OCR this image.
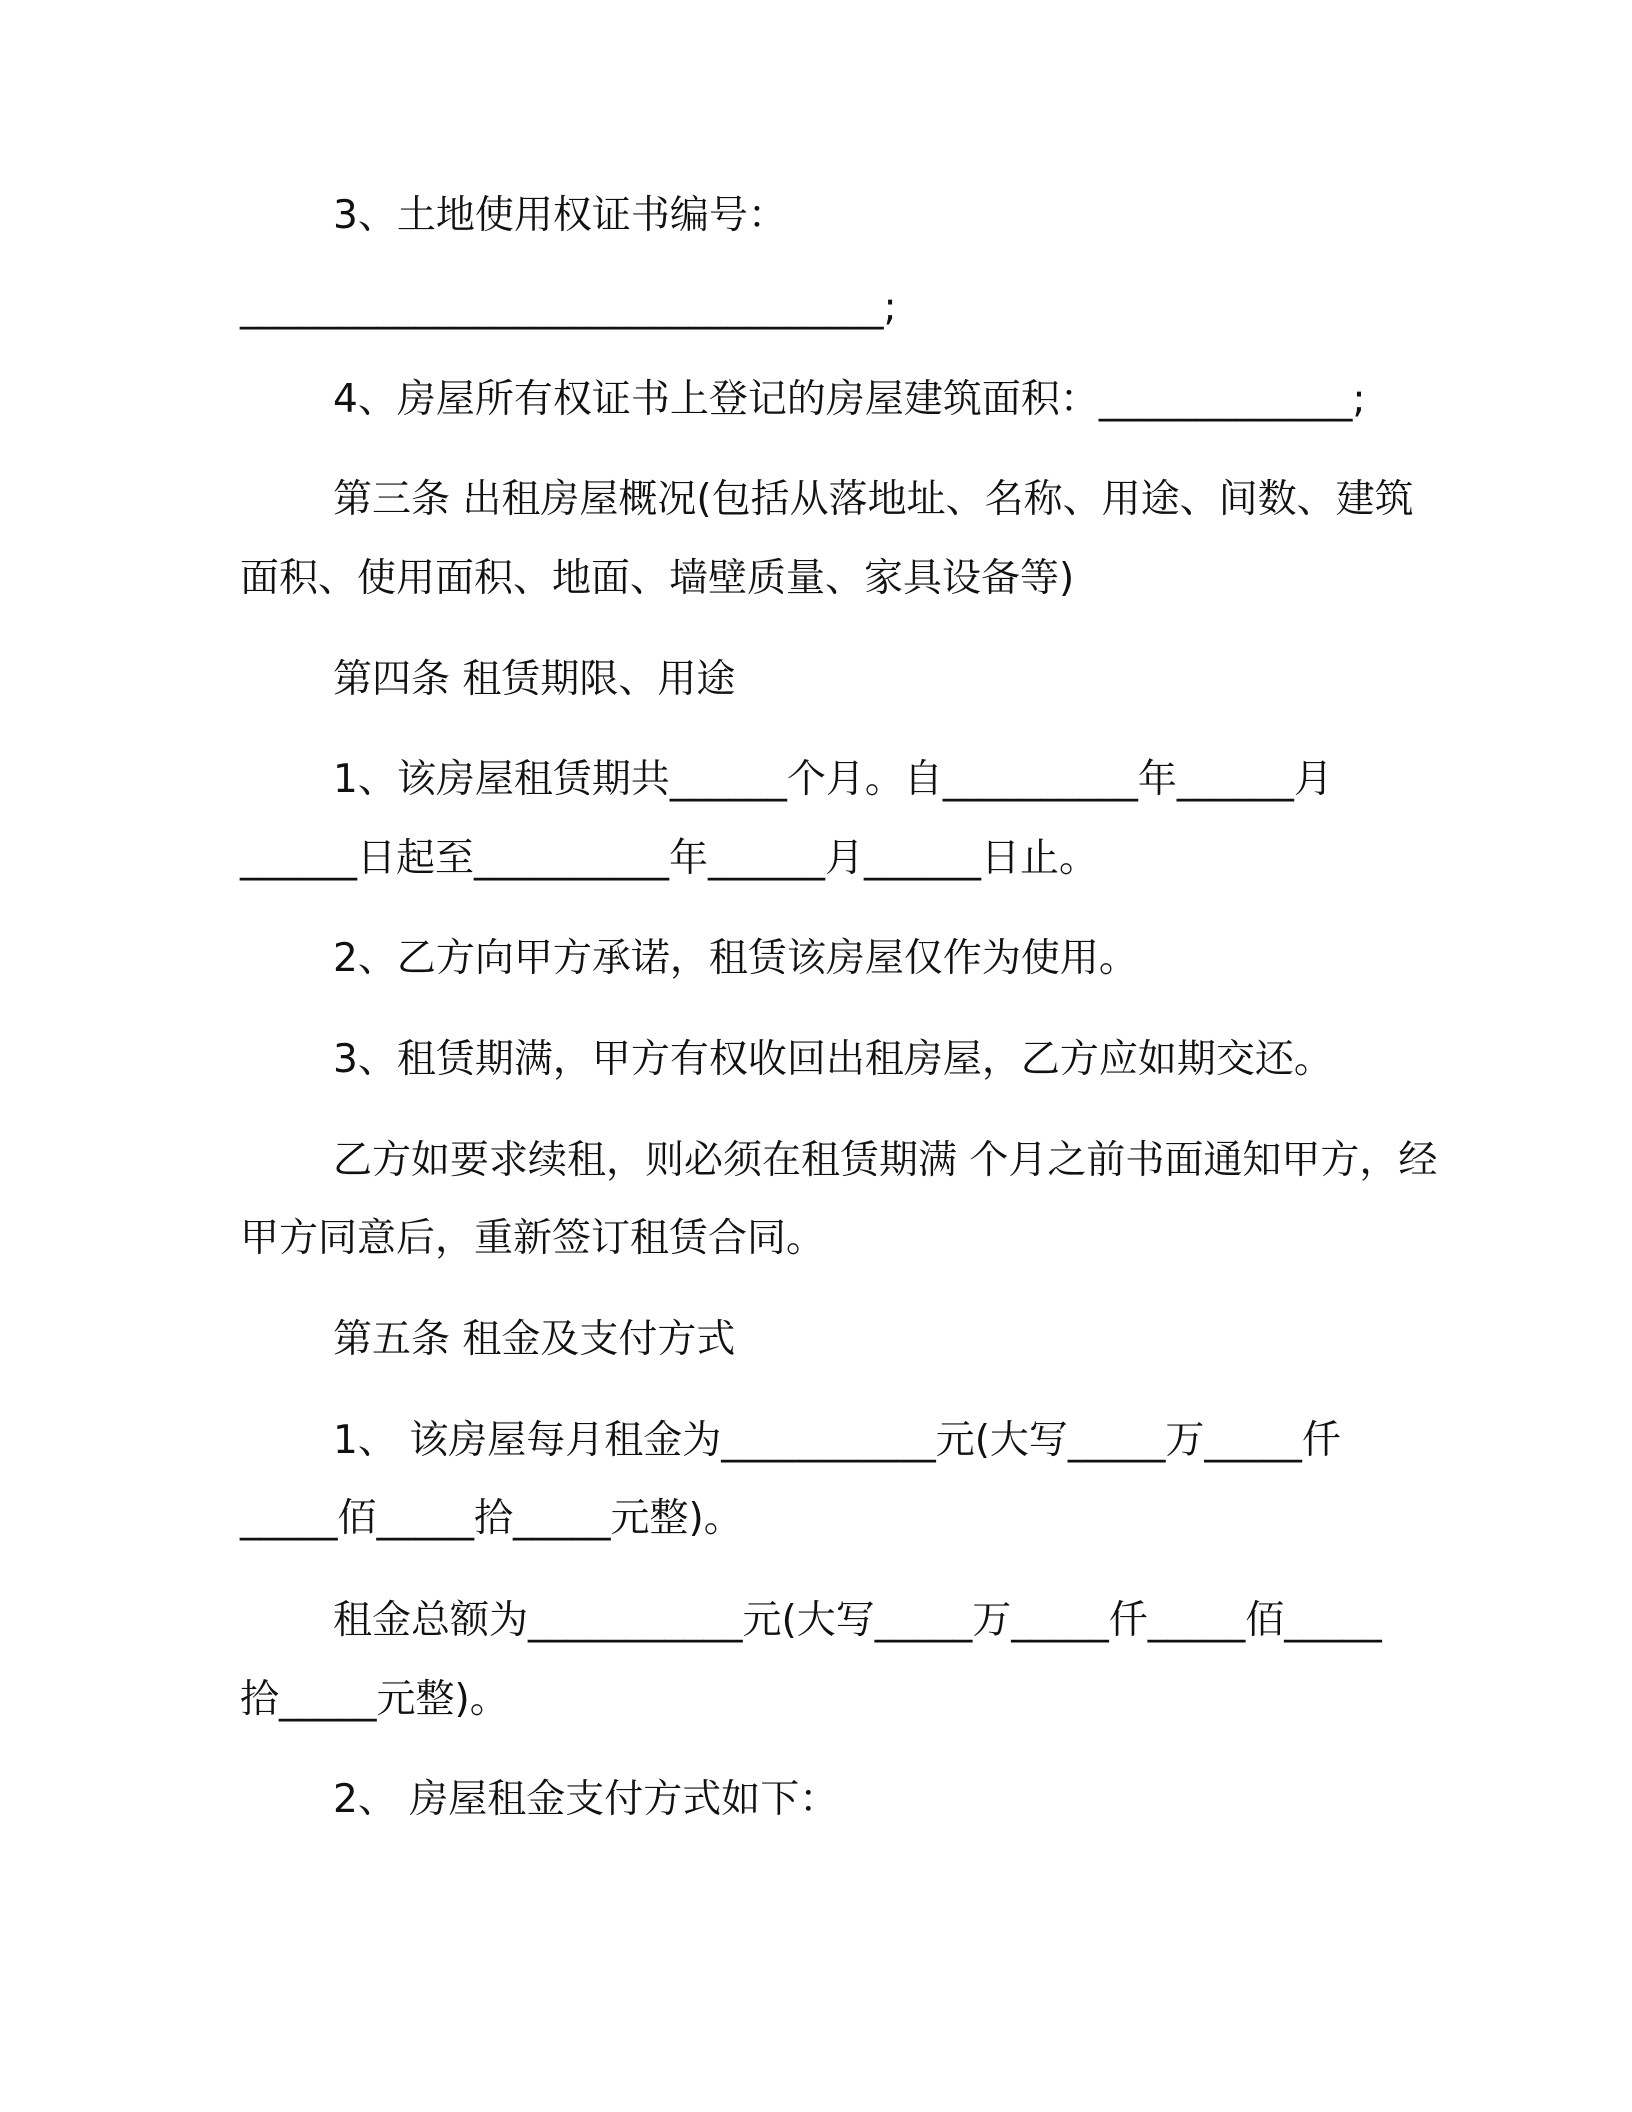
3、土地使用权证书编号：
_________________________________;
4、房屋所有权证书上登记的房屋建筑面积：_____________;
第三条 出租房屋概况(包括从落地址、名称、用途、间数、建筑
面积、使用面积、地面、墙壁质量、家具设备等)
第四条 租赁期限、用途
1、该房屋租赁期共______个月。自__________年______月
______日起至__________年______月______日止。
2、乙方向甲方承诺，租赁该房屋仅作为使用。
3、租赁期满，甲方有权收回出租房屋，乙方应如期交还。
乙方如要求续租，则必须在租赁期满 个月之前书面通知甲方，经
甲方同意后，重新签订租赁合同。
第五条 租金及支付方式
1、 该房屋每月租金为___________元(大写_____万_____仟
_____佰_____拾_____元整)。
租金总额为___________元(大写_____万_____仟_____佰_____
拾_____元整)。
2、 房屋租金支付方式如下：
